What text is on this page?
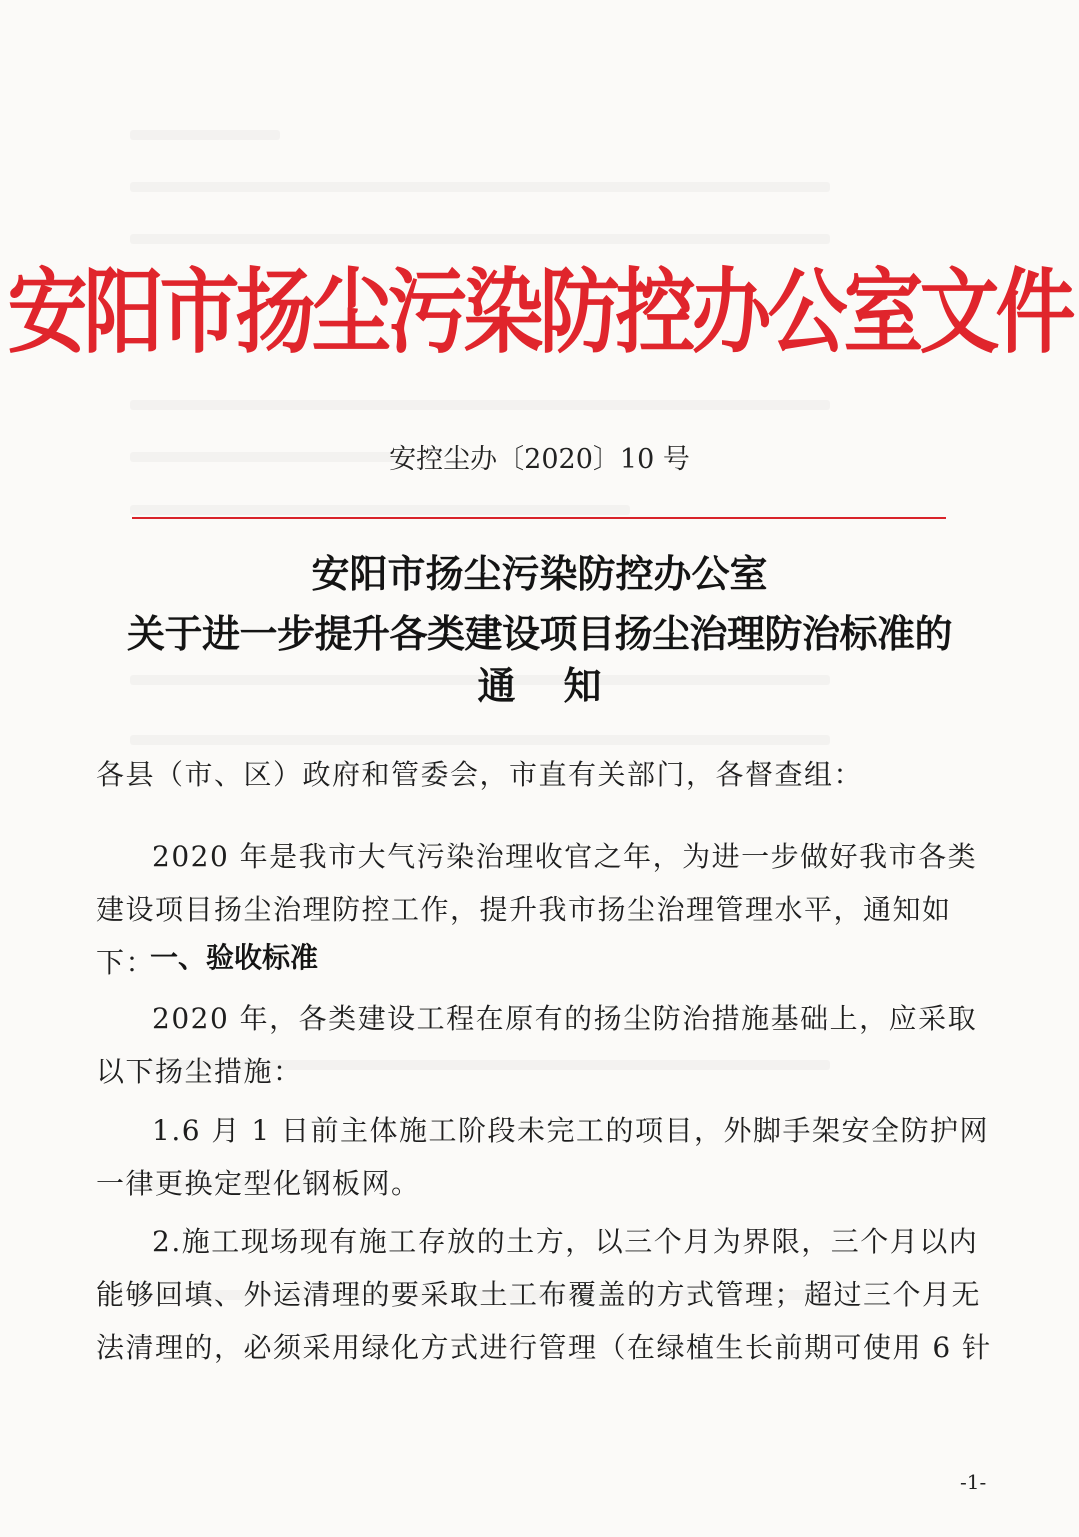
安阳市扬尘污染防控办公室文件
安控尘办〔2020〕10 号
安阳市扬尘污染防控办公室
关于进一步提升各类建设项目扬尘治理防治标准的
通知

各县（市、区）政府和管委会，市直有关部门，各督查组：

2020 年是我市大气污染治理收官之年，为进一步做好我市各类建设项目扬尘治理防控工作，提升我市扬尘治理管理水平，通知如下：

一、验收标准

2020 年，各类建设工程在原有的扬尘防治措施基础上，应采取以下扬尘措施：

1.6 月 1 日前主体施工阶段未完工的项目，外脚手架安全防护网一律更换定型化钢板网。

2.施工现场现有施工存放的土方，以三个月为界限，三个月以内能够回填、外运清理的要采取土工布覆盖的方式管理；超过三个月无法清理的，必须采用绿化方式进行管理（在绿植生长前期可使用 6 针

-1-
